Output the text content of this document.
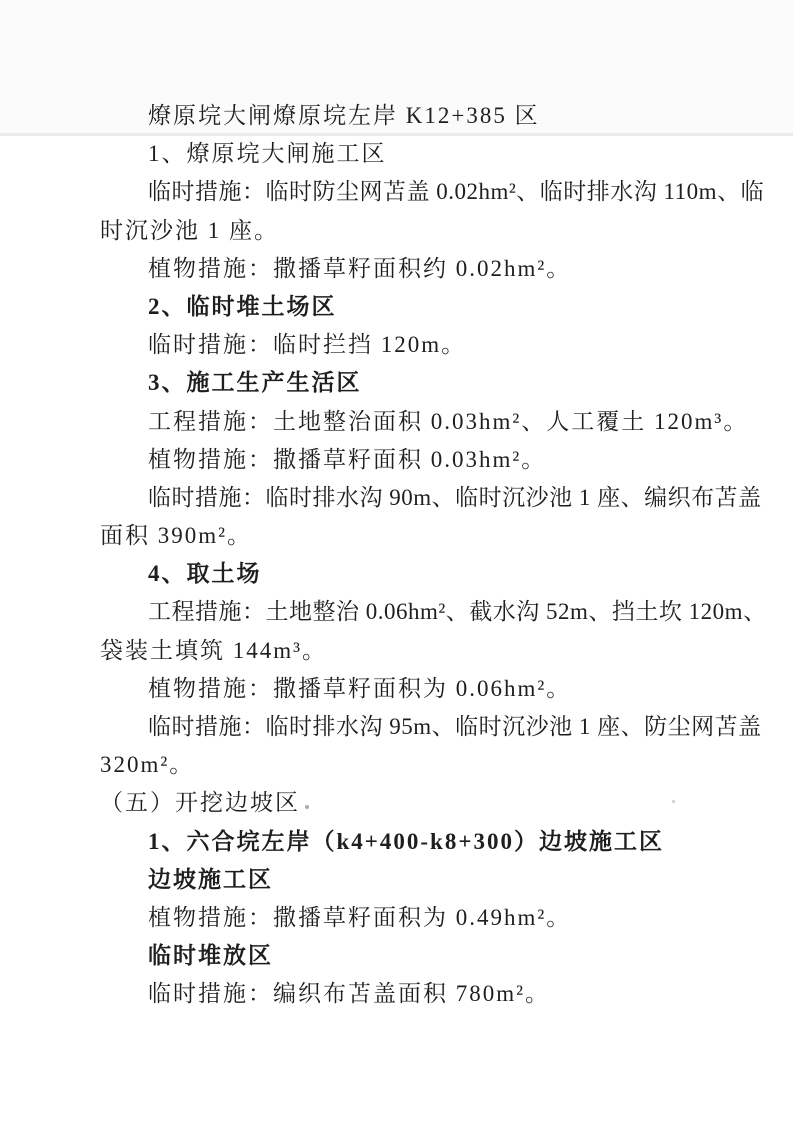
燎原垸大闸燎原垸左岸 K12+385 区
1、燎原垸大闸施工区
临时措施：临时防尘网苫盖 0.02hm²、临时排水沟 110m、临
时沉沙池 1 座。
植物措施：撒播草籽面积约 0.02hm²。
2、临时堆土场区
临时措施：临时拦挡 120m。
3、施工生产生活区
工程措施：土地整治面积 0.03hm²、人工覆土 120m³。
植物措施：撒播草籽面积 0.03hm²。
临时措施：临时排水沟 90m、临时沉沙池 1 座、编织布苫盖
面积 390m²。
4、取土场
工程措施：土地整治 0.06hm²、截水沟 52m、挡土坎 120m、
袋装土填筑 144m³。
植物措施：撒播草籽面积为 0.06hm²。
临时措施：临时排水沟 95m、临时沉沙池 1 座、防尘网苫盖
320m²。
（五）开挖边坡区
1、六合垸左岸（k4+400-k8+300）边坡施工区
边坡施工区
植物措施：撒播草籽面积为 0.49hm²。
临时堆放区
临时措施：编织布苫盖面积 780m²。
